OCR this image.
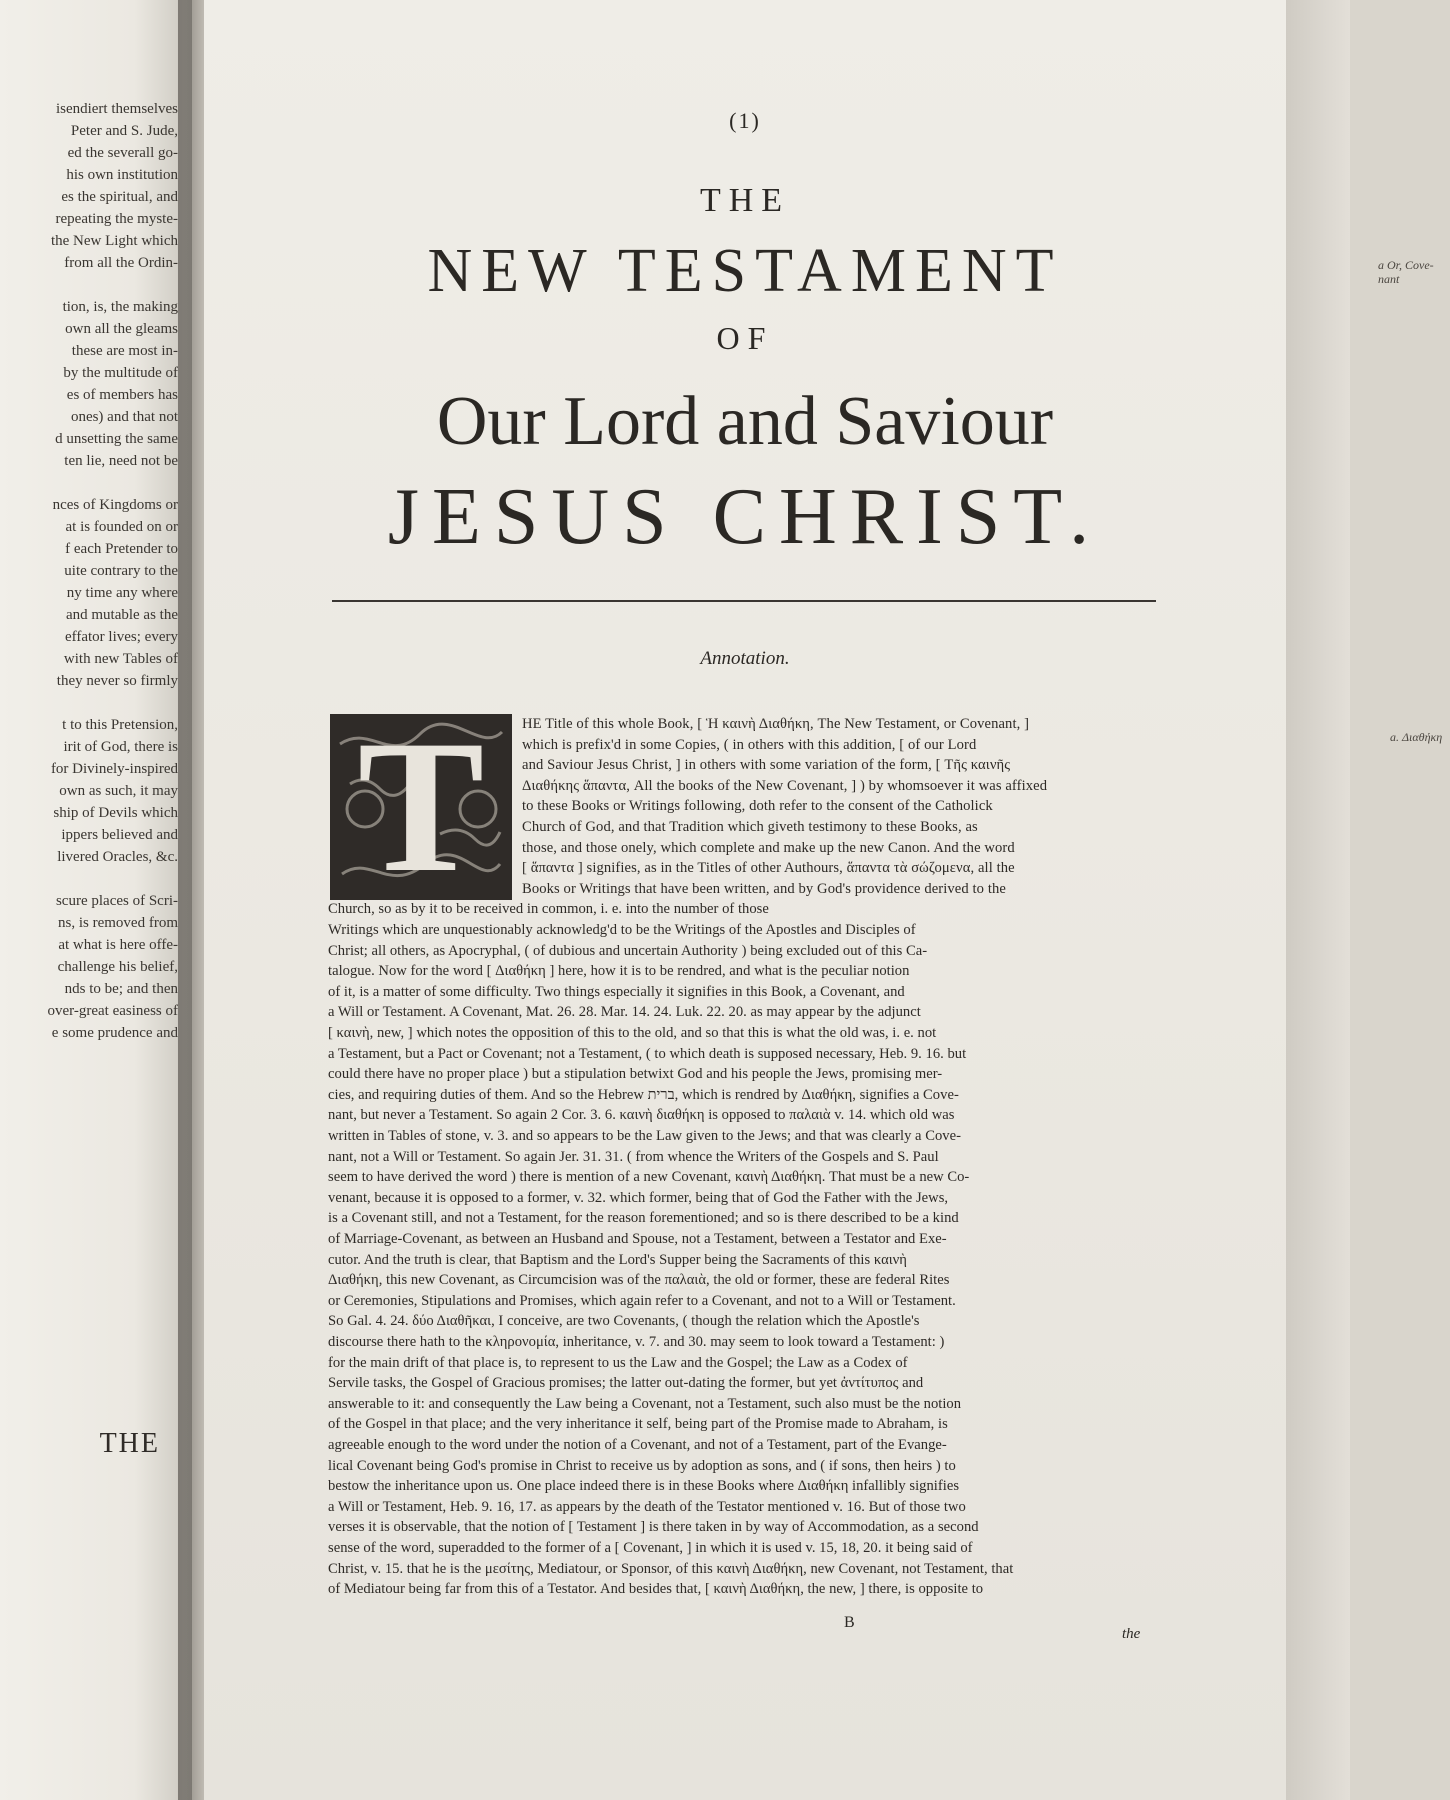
isendiert themselves
Peter and S. Jude,
ed the severall go-
his own institution
es the spiritual, and
repeating the myste-
the New Light which
from all the Ordin-
tion, is, the making
own all the gleams
these are most in-
by the multitude of
es of members has
ones) and that not
d unsetting the same
ten lie, need not be
nces of Kingdoms or
at is founded on or
f each Pretender to
uite contrary to the
ny time any where
and mutable as the
effator lives; every
with new Tables of
they never so firmly
t to this Pretension,
irit of God, there is
for Divinely-inspired
own as such, it may
ship of Devils which
ippers believed and
livered Oracles, &c.
scure places of Scri-
ns, is removed from
at what is here offe-
challenge his belief,
nds to be; and then
over-great easiness of
e some prudence and
THE
(1)
THE
NEW TESTAMENT
OF
Our Lord and Saviour
JESUS CHRIST.
a Or, Cove-nant
a. Διαθήκη
Annotation.
T	HE Title of this whole Book, [ Ἡ καινὴ Διαθήκη, The New Testament, or Covenant, ]
which is prefix'd in some Copies, ( in others with this addition, [ of our Lord
and Saviour Jesus Christ, ] in others with some variation of the form, [ Τῆς καινῆς
Διαθήκης ἅπαντα, All the books of the New Covenant, ] ) by whomsoever it was affixed
to these Books or Writings following, doth refer to the consent of the Catholick
Church of God, and that Tradition which giveth testimony to these Books, as
those, and those onely, which complete and make up the new Canon. And the word
[ ἅπαντα ] signifies, as in the Titles of other Authours, ἅπαντα τὰ σώζομενα, all the
Books or Writings that have been written, and by God's providence derived to the
Church, so as by it to be received in common, i. e. into the number of those
Writings which are unquestionably acknowledg'd to be the Writings of the Apostles and Disciples of
Christ; all others, as Apocryphal, ( of dubious and uncertain Authority ) being excluded out of this Ca-
talogue. Now for the word [ Διαθήκη ] here, how it is to be rendred, and what is the peculiar notion
of it, is a matter of some difficulty. Two things especially it signifies in this Book, a Covenant, and
a Will or Testament. A Covenant, Mat. 26. 28. Mar. 14. 24. Luk. 22. 20. as may appear by the adjunct
[ καινὴ, new, ] which notes the opposition of this to the old, and so that this is what the old was, i. e. not
a Testament, but a Pact or Covenant; not a Testament, ( to which death is supposed necessary, Heb. 9. 16. but
could there have no proper place ) but a stipulation betwixt God and his people the Jews, promising mer-
cies, and requiring duties of them. And so the Hebrew ברית, which is rendred by Διαθήκη, signifies a Cove-
nant, but never a Testament. So again 2 Cor. 3. 6. καινὴ διαθήκη is opposed to παλαιὰ v. 14. which old was
written in Tables of stone, v. 3. and so appears to be the Law given to the Jews; and that was clearly a Cove-
nant, not a Will or Testament. So again Jer. 31. 31. ( from whence the Writers of the Gospels and S. Paul
seem to have derived the word ) there is mention of a new Covenant, καινὴ Διαθήκη. That must be a new Co-
venant, because it is opposed to a former, v. 32. which former, being that of God the Father with the Jews,
is a Covenant still, and not a Testament, for the reason forementioned; and so is there described to be a kind
of Marriage-Covenant, as between an Husband and Spouse, not a Testament, between a Testator and Exe-
cutor. And the truth is clear, that Baptism and the Lord's Supper being the Sacraments of this καινὴ
Διαθήκη, this new Covenant, as Circumcision was of the παλαιὰ, the old or former, these are federal Rites
or Ceremonies, Stipulations and Promises, which again refer to a Covenant, and not to a Will or Testament.
So Gal. 4. 24. δύο Διαθῆκαι, I conceive, are two Covenants, ( though the relation which the Apostle's
discourse there hath to the κληρονομία, inheritance, v. 7. and 30. may seem to look toward a Testament: )
for the main drift of that place is, to represent to us the Law and the Gospel; the Law as a Codex of
Servile tasks, the Gospel of Gracious promises; the latter out-dating the former, but yet ἀντίτυπος and
answerable to it: and consequently the Law being a Covenant, not a Testament, such also must be the notion
of the Gospel in that place; and the very inheritance it self, being part of the Promise made to Abraham, is
agreeable enough to the word under the notion of a Covenant, and not of a Testament, part of the Evange-
lical Covenant being God's promise in Christ to receive us by adoption as sons, and ( if sons, then heirs ) to
bestow the inheritance upon us. One place indeed there is in these Books where Διαθήκη infallibly signifies
a Will or Testament, Heb. 9. 16, 17. as appears by the death of the Testator mentioned v. 16. But of those two
verses it is observable, that the notion of [ Testament ] is there taken in by way of Accommodation, as a second
sense of the word, superadded to the former of a [ Covenant, ] in which it is used v. 15, 18, 20. it being said of
Christ, v. 15. that he is the μεσίτης, Mediatour, or Sponsor, of this καινὴ Διαθήκη, new Covenant, not Testament, that
of Mediatour being far from this of a Testator. And besides that, [ καινὴ Διαθήκη, the new, ] there, is opposite to
B
the
